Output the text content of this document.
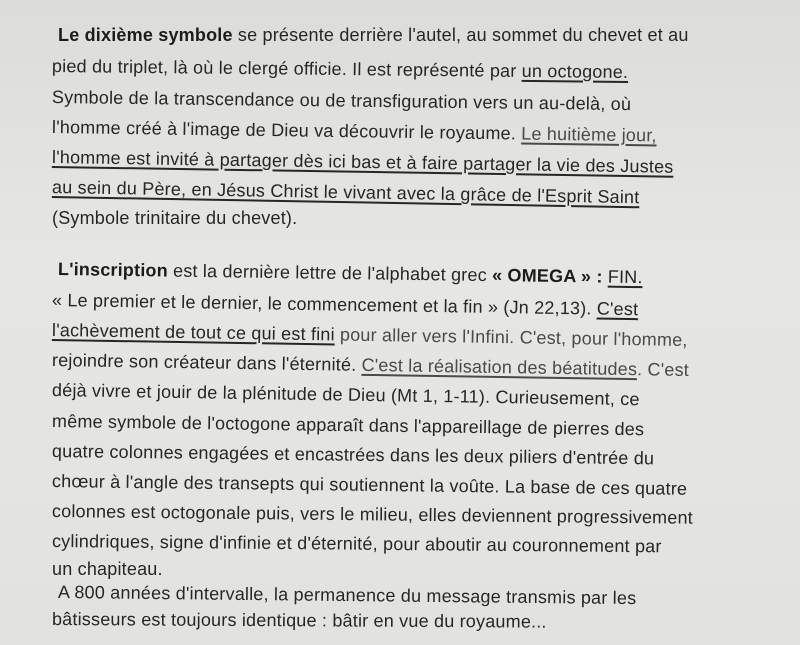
Le dixième symbole se présente derrière l'autel, au sommet du chevet et au
pied du triplet, là où le clergé officie. Il est représenté par un octogone.
Symbole de la transcendance ou de transfiguration vers un au-delà, où
l'homme créé à l'image de Dieu va découvrir le royaume. Le huitième jour,
l'homme est invité à partager dès ici bas et à faire partager la vie des Justes
au sein du Père, en Jésus Christ le vivant avec la grâce de l'Esprit Saint
(Symbole trinitaire du chevet).
L'inscription est la dernière lettre de l'alphabet grec « OMEGA » : FIN.
« Le premier et le dernier, le commencement et la fin » (Jn 22,13). C'est
l'achèvement de tout ce qui est fini pour aller vers l'Infini. C'est, pour l'homme,
rejoindre son créateur dans l'éternité. C'est la réalisation des béatitudes. C'est
déjà vivre et jouir de la plénitude de Dieu (Mt 1, 1-11). Curieusement, ce
même symbole de l'octogone apparaît dans l'appareillage de pierres des
quatre colonnes engagées et encastrées dans les deux piliers d'entrée du
chœur à l'angle des transepts qui soutiennent la voûte. La base de ces quatre
colonnes est octogonale puis, vers le milieu, elles deviennent progressivement
cylindriques, signe d'infinie et d'éternité, pour aboutir au couronnement par
un chapiteau.
A 800 années d'intervalle, la permanence du message transmis par les
bâtisseurs est toujours identique : bâtir en vue du royaume...
